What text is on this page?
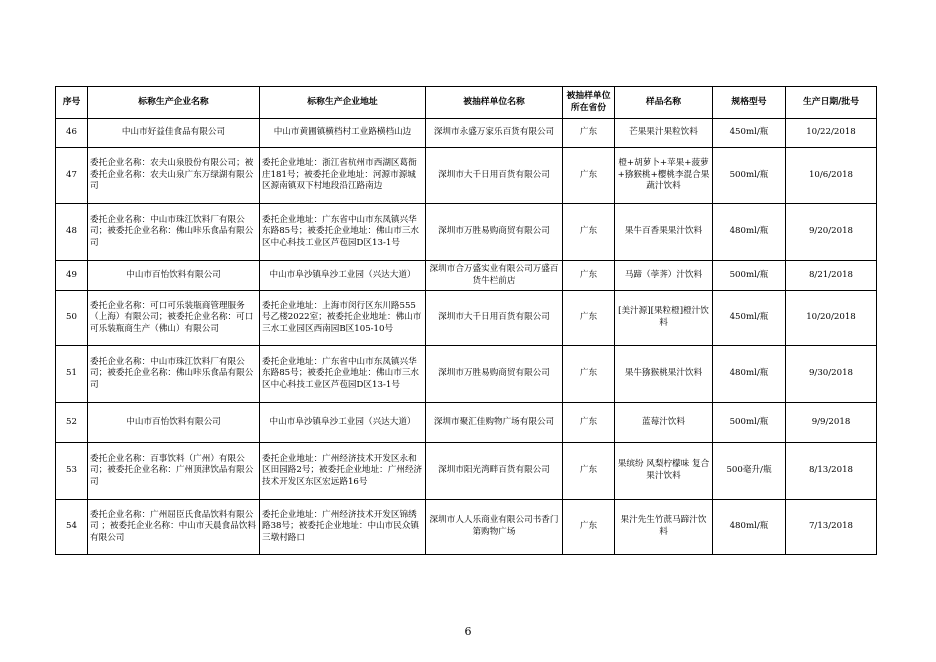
序号	标称生产企业名称	标称生产企业地址	被抽样单位名称	被抽样单位所在省份	样品名称	规格型号	生产日期/批号
46	中山市好益佳食品有限公司	中山市黄圃镇横档村工业路横档山边	深圳市永盛万家乐百货有限公司	广东	芒果果汁果粒饮料	450ml/瓶	10/22/2018
47	委托企业名称：农夫山泉股份有限公司；被委托企业名称：农夫山泉广东万绿湖有限公司	委托企业地址：浙江省杭州市西湖区葛衙庄181号；被委托企业地址：河源市源城区源南镇双下村地段沿江路南边	深圳市大千日用百货有限公司	广东	橙+胡萝卜+苹果+菠萝+猕猴桃+樱桃李混合果蔬汁饮料	500ml/瓶	10/6/2018
48	委托企业名称：中山市珠江饮料厂有限公司；被委托企业名称：佛山咔乐食品有限公司	委托企业地址：广东省中山市东凤镇兴华东路85号；被委托企业地址：佛山市三水区中心科技工业区芦苞园D区13-1号	深圳市万胜易购商贸有限公司	广东	果牛百香果果汁饮料	480ml/瓶	9/20/2018
49	中山市百怡饮料有限公司	中山市阜沙镇阜沙工业园（兴达大道）	深圳市合万盛实业有限公司万盛百货牛栏前店	广东	马蹄（荸荠）汁饮料	500ml/瓶	8/21/2018
50	委托企业名称：可口可乐装瓶商管理服务（上海）有限公司；被委托企业名称：可口可乐装瓶商生产（佛山）有限公司	委托企业地址：上海市闵行区东川路555号乙楼2022室；被委托企业地址：佛山市三水工业园区西南园B区105-10号	深圳市大千日用百货有限公司	广东	[美汁源][果粒橙]橙汁饮料	450ml/瓶	10/20/2018
51	委托企业名称：中山市珠江饮料厂有限公司；被委托企业名称：佛山咔乐食品有限公司	委托企业地址：广东省中山市东凤镇兴华东路85号；被委托企业地址：佛山市三水区中心科技工业区芦苞园D区13-1号	深圳市万胜易购商贸有限公司	广东	果牛猕猴桃果汁饮料	480ml/瓶	9/30/2018
52	中山市百怡饮料有限公司	中山市阜沙镇阜沙工业园（兴达大道）	深圳市聚汇佳购物广场有限公司	广东	蓝莓汁饮料	500ml/瓶	9/9/2018
53	委托企业名称：百事饮料（广州）有限公司；被委托企业名称：广州顶津饮品有限公司	委托企业地址：广州经济技术开发区永和区田园路2号；被委托企业地址：广州经济技术开发区东区宏远路16号	深圳市阳光湾畔百货有限公司	广东	果缤纷 风梨柠檬味 复合果汁饮料	500毫升/瓶	8/13/2018
54	委托企业名称：广州屈臣氏食品饮料有限公司 ；被委托企业名称：中山市天晨食品饮料有限公司	委托企业地址：广州经济技术开发区锦绣路38号；被委托企业地址：中山市民众镇三墩村路口	深圳市人人乐商业有限公司书香门第购物广场	广东	果汁先生竹蔗马蹄汁饮料	480ml/瓶	7/13/2018
6
